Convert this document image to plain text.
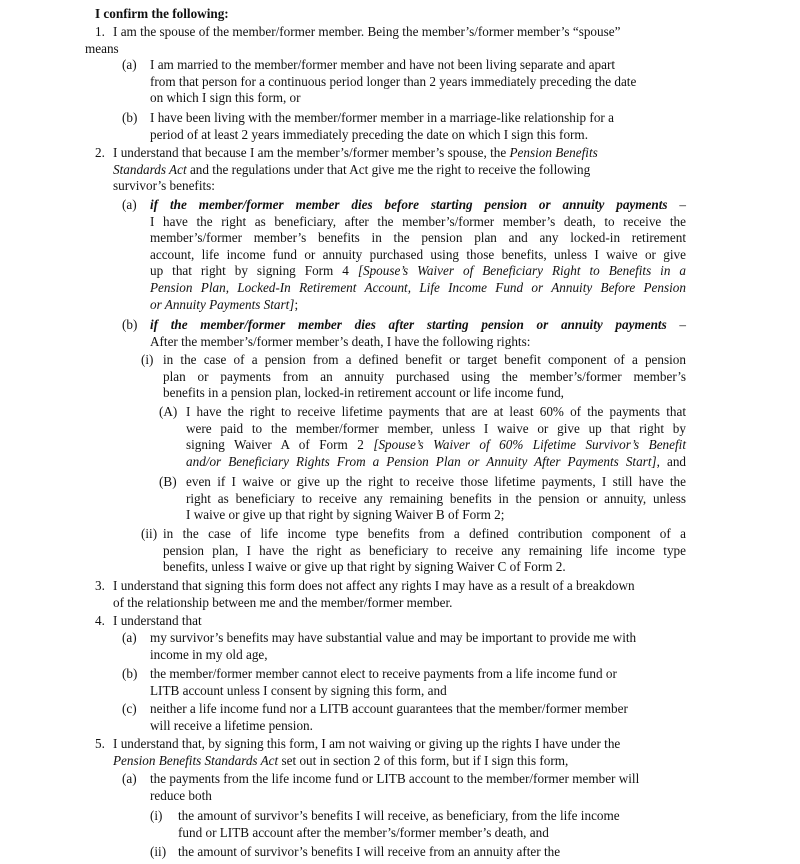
I confirm the following:
1. I am the spouse of the member/former member. Being the member’s/former member’s “spouse”
means
(a) I am married to the member/former member and have not been living separate and apart
from that person for a continuous period longer than 2 years immediately preceding the date
on which I sign this form, or
(b) I have been living with the member/former member in a marriage-like relationship for a
period of at least 2 years immediately preceding the date on which I sign this form.
2. I understand that because I am the member’s/former member’s spouse, the Pension Benefits
Standards Act and the regulations under that Act give me the right to receive the following
survivor’s benefits:
(a) if the member/former member dies before starting pension or annuity payments –
I have the right as beneficiary, after the member’s/former member’s death, to receive the
member’s/former member’s benefits in the pension plan and any locked-in retirement
account, life income fund or annuity purchased using those benefits, unless I waive or give
up that right by signing Form 4 [Spouse’s Waiver of Beneficiary Right to Benefits in a
Pension Plan, Locked-In Retirement Account, Life Income Fund or Annuity Before Pension
or Annuity Payments Start];
(b) if the member/former member dies after starting pension or annuity payments –
After the member’s/former member’s death, I have the following rights:
(i) in the case of a pension from a defined benefit or target benefit component of a pension
plan or payments from an annuity purchased using the member’s/former member’s
benefits in a pension plan, locked-in retirement account or life income fund,
(A) I have the right to receive lifetime payments that are at least 60% of the payments that
were paid to the member/former member, unless I waive or give up that right by
signing Waiver A of Form 2 [Spouse’s Waiver of 60% Lifetime Survivor’s Benefit
and/or Beneficiary Rights From a Pension Plan or Annuity After Payments Start], and
(B) even if I waive or give up the right to receive those lifetime payments, I still have the
right as beneficiary to receive any remaining benefits in the pension or annuity, unless
I waive or give up that right by signing Waiver B of Form 2;
(ii) in the case of life income type benefits from a defined contribution component of a
pension plan, I have the right as beneficiary to receive any remaining life income type
benefits, unless I waive or give up that right by signing Waiver C of Form 2.
3. I understand that signing this form does not affect any rights I may have as a result of a breakdown
of the relationship between me and the member/former member.
4. I understand that
(a) my survivor’s benefits may have substantial value and may be important to provide me with
income in my old age,
(b) the member/former member cannot elect to receive payments from a life income fund or
LITB account unless I consent by signing this form, and
(c) neither a life income fund nor a LITB account guarantees that the member/former member
will receive a lifetime pension.
5. I understand that, by signing this form, I am not waiving or giving up the rights I have under the
Pension Benefits Standards Act set out in section 2 of this form, but if I sign this form,
(a) the payments from the life income fund or LITB account to the member/former member will
reduce both
(i) the amount of survivor’s benefits I will receive, as beneficiary, from the life income
fund or LITB account after the member’s/former member’s death, and
(ii) the amount of survivor’s benefits I will receive from an annuity after the
